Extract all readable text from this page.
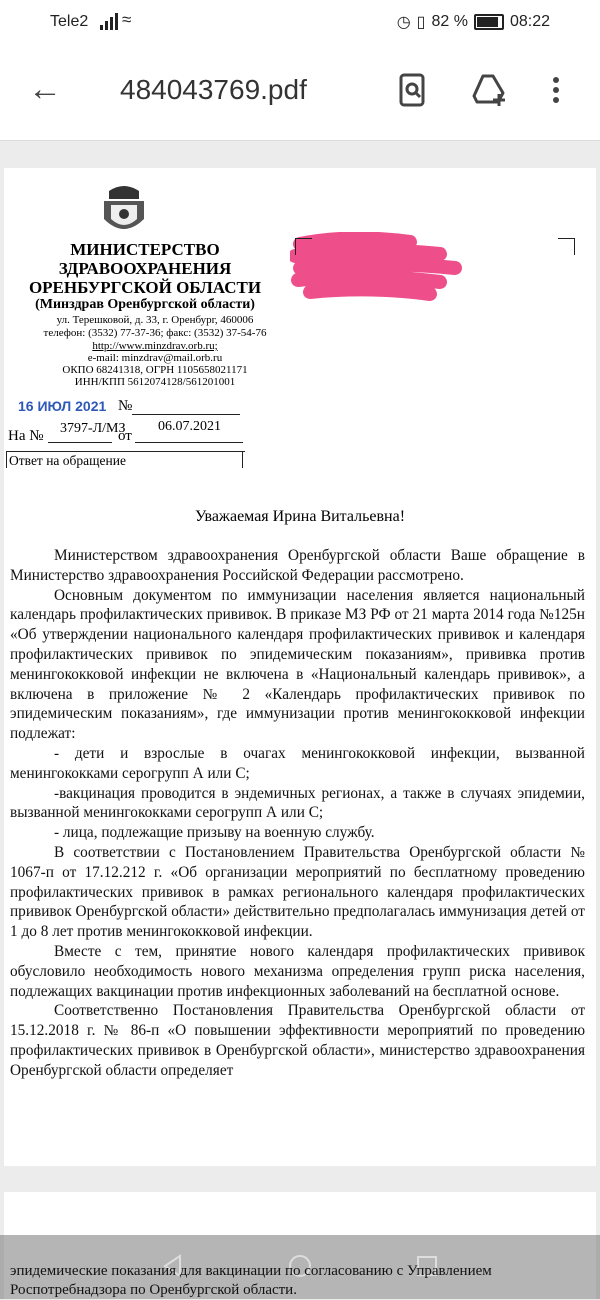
Tele2 ≈	◷ ▯ 82 %	08:22
← 484043769.pdf
МИНИСТЕРСТВО
ЗДРАВООХРАНЕНИЯ
ОРЕНБУРГСКОЙ ОБЛАСТИ
(Минздрав Оренбургской области)
ул. Терешковой, д. 33, г. Оренбург, 460006
телефон: (3532) 77-37-36; факс: (3532) 37-54-76
http://www.minzdrav.orb.ru;
e-mail: minzdrav@mail.orb.ru
ОКПО 68241318, ОГРН 1105658021171
ИНН/КПП 5612074128/561201001
16 ИЮЛ 2021 №
На № 3797-Л/МЗ
от
06.07.2021
Ответ на обращение
Уважаемая Ирина Витальевна!

Министерством здравоохранения Оренбургской области Ваше обращение в Министерство здравоохранения Российской Федерации рассмотрено.

Основным документом по иммунизации населения является национальный календарь профилактических прививок. В приказе МЗ РФ от 21 марта 2014 года №125н «Об утверждении национального календаря профилактических прививок и календаря профилактических прививок по эпидемическим показаниям», прививка против менингококковой инфекции не включена в «Национальный календарь прививок», а включена в приложение № 2 «Календарь профилактических прививок по эпидемическим показаниям», где иммунизации против менингококковой инфекции подлежат:

- дети и взрослые в очагах менингококковой инфекции, вызванной менингококками серогрупп А или С;

-вакцинация проводится в эндемичных регионах, а также в случаях эпидемии, вызванной менингококками серогрупп А или С;

- лица, подлежащие призыву на военную службу.

В соответствии с Постановлением Правительства Оренбургской области № 1067-п от 17.12.212 г. «Об организации мероприятий по бесплатному проведению профилактических прививок в рамках регионального календаря профилактических прививок Оренбургской области» действительно предполагалась иммунизация детей от 1 до 8 лет против менингококковой инфекции.

Вместе с тем, принятие нового календаря профилактических прививок обусловило необходимость нового механизма определения групп риска населения, подлежащих вакцинации против инфекционных заболеваний на бесплатной основе.

Соответственно Постановления Правительства Оренбургской области от 15.12.2018 г. № 86-п «О повышении эффективности мероприятий по проведению профилактических прививок в Оренбургской области», министерство здравоохранения Оренбургской области определяет

эпидемические показания для вакцинации по согласованию с Управлением Роспотребнадзора по Оренбургской области.
